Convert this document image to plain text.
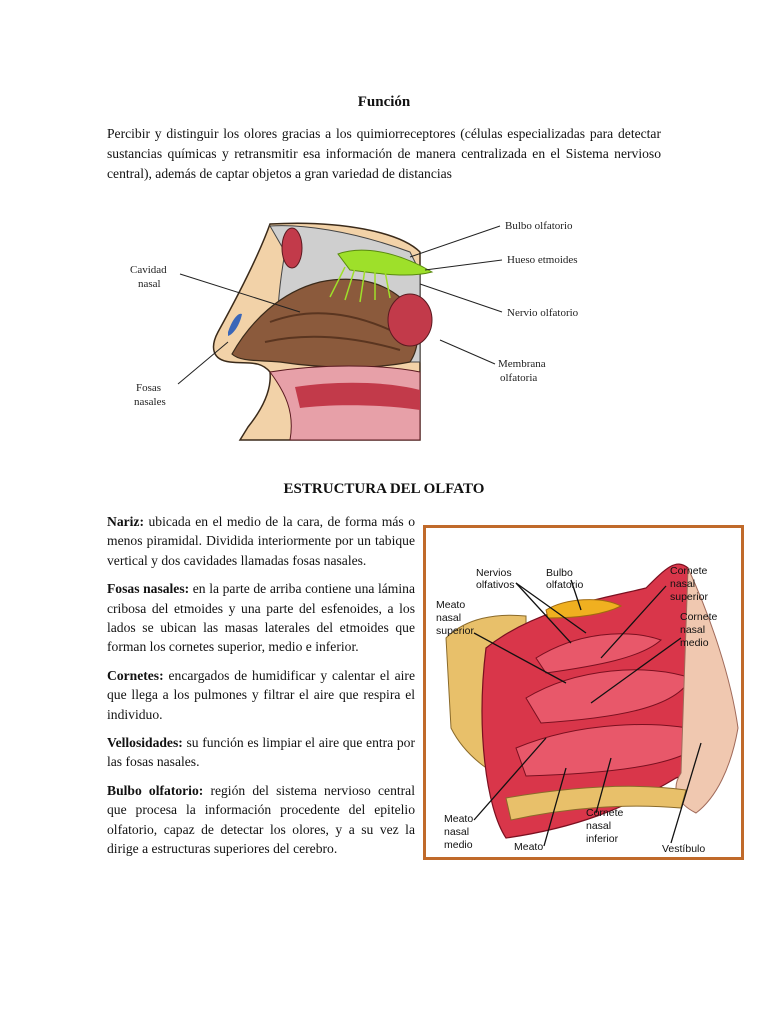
Función

Percibir y distinguir los olores gracias a los quimiorreceptores (células especializadas para detectar sustancias químicas y retransmitir esa información de manera centralizada en el Sistema nervioso central), además de captar objetos a gran variedad de distancias

Bulbo olfatorio
Hueso etmoides
Nervio olfatorio
Membrana
olfatoria
Cavidad
nasal
Fosas
nasales
ESTRUCTURA DEL OLFATO

Nariz: ubicada en el medio de la cara, de forma más o menos piramidal. Dividida interiormente por un tabique vertical y dos cavidades llamadas fosas nasales.

Fosas nasales: en la parte de arriba contiene una lámina cribosa del etmoides y una parte del esfenoides, a los lados se ubican las masas laterales del etmoides que forman los cornetes superior, medio e inferior.

Cornetes: encargados de humidificar y calentar el aire que llega a los pulmones y filtrar el aire que respira el individuo.

Vellosidades: su función es limpiar el aire que entra por las fosas nasales.

Bulbo olfatorio: región del sistema nervioso central que procesa la información procedente del epitelio olfatorio, capaz de detectar los olores, y a su vez la dirige a estructuras superiores del cerebro.

Nervios
olfativos
Bulbo
olfatorio
Cornete
nasal
superior
Meato
nasal
superior
Cornete
nasal
medio
Meato
nasal
medio	Meato
Cornete
nasal
inferior
Vestíbulo
